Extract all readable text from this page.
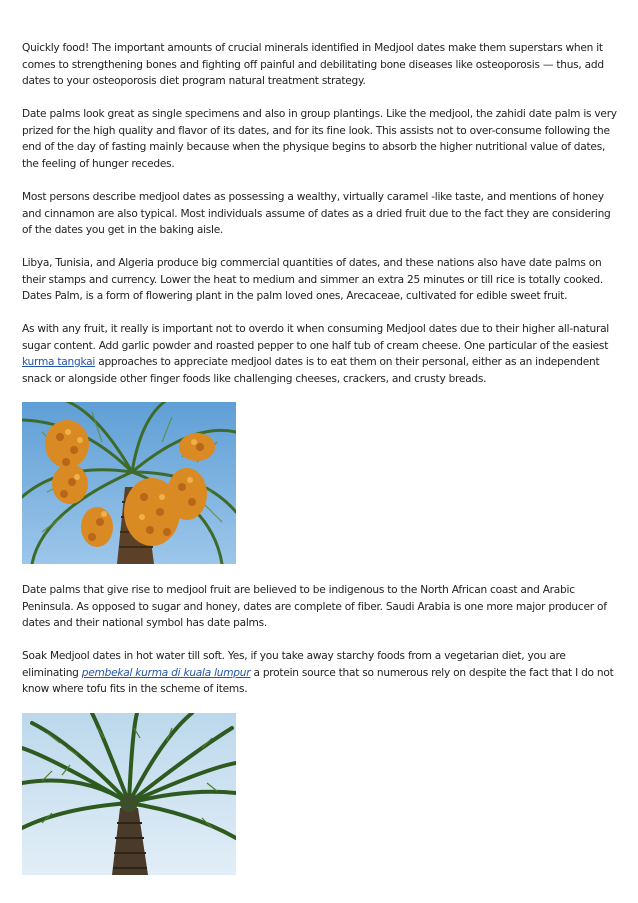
Quickly food! The important amounts of crucial minerals identified in Medjool dates make them superstars when it comes to strengthening bones and fighting off painful and debilitating bone diseases like osteoporosis — thus, add dates to your osteoporosis diet program natural treatment strategy.

Date palms look great as single specimens and also in group plantings. Like the medjool, the zahidi date palm is very prized for the high quality and flavor of its dates, and for its fine look. This assists not to over-consume following the end of the day of fasting mainly because when the physique begins to absorb the higher nutritional value of dates, the feeling of hunger recedes.

Most persons describe medjool dates as possessing a wealthy, virtually caramel -like taste, and mentions of honey and cinnamon are also typical. Most individuals assume of dates as a dried fruit due to the fact they are considering of the dates you get in the baking aisle.

Libya, Tunisia, and Algeria produce big commercial quantities of dates, and these nations also have date palms on their stamps and currency. Lower the heat to medium and simmer an extra 25 minutes or till rice is totally cooked. Dates Palm, is a form of flowering plant in the palm loved ones, Arecaceae, cultivated for edible sweet fruit.

As with any fruit, it really is important not to overdo it when consuming Medjool dates due to their higher all-natural sugar content. Add garlic powder and roasted pepper to one half tub of cream cheese. One particular of the easiest kurma tangkai approaches to appreciate medjool dates is to eat them on their personal, either as an independent snack or alongside other finger foods like challenging cheeses, crackers, and crusty breads.

Date palms that give rise to medjool fruit are believed to be indigenous to the North African coast and Arabic Peninsula. As opposed to sugar and honey, dates are complete of fiber. Saudi Arabia is one more major producer of dates and their national symbol has date palms.

Soak Medjool dates in hot water till soft. Yes, if you take away starchy foods from a vegetarian diet, you are eliminating pembekal kurma di kuala lumpur a protein source that so numerous rely on despite the fact that I do not know where tofu fits in the scheme of items.
